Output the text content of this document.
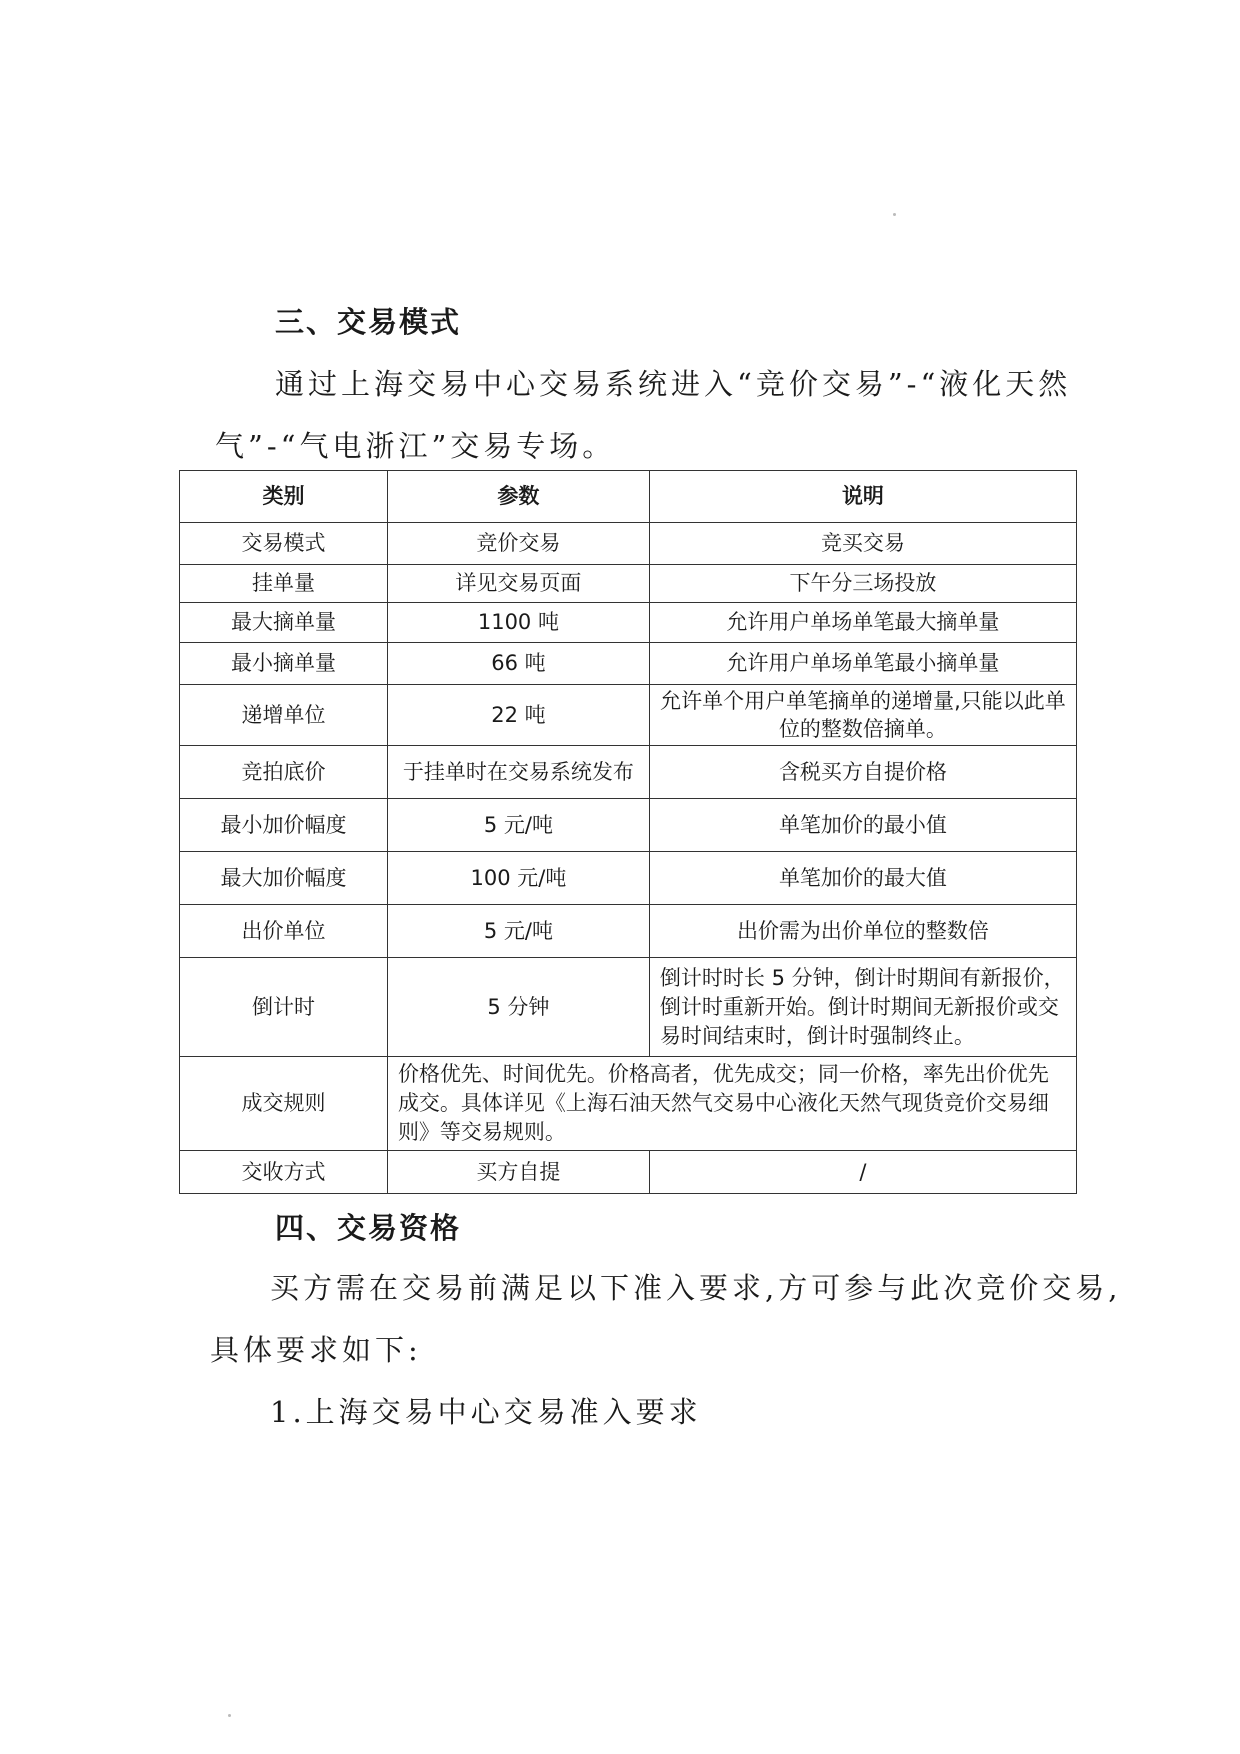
三、交易模式
通过上海交易中心交易系统进入“竞价交易”-“液化天然
气”-“气电浙江”交易专场。
类别	参数	说明
交易模式	竞价交易	竞买交易
挂单量	详见交易页面	下午分三场投放
最大摘单量	1100 吨	允许用户单场单笔最大摘单量
最小摘单量	66 吨	允许用户单场单笔最小摘单量
递增单位	22 吨	允许单个用户单笔摘单的递增量,只能以此单位的整数倍摘单。
竞拍底价	于挂单时在交易系统发布	含税买方自提价格
最小加价幅度	5 元/吨	单笔加价的最小值
最大加价幅度	100 元/吨	单笔加价的最大值
出价单位	5 元/吨	出价需为出价单位的整数倍
倒计时	5 分钟	倒计时时长 5 分钟，倒计时期间有新报价，倒计时重新开始。倒计时期间无新报价或交易时间结束时，倒计时强制终止。
成交规则	价格优先、时间优先。价格高者，优先成交；同一价格，率先出价优先成交。具体详见《上海石油天然气交易中心液化天然气现货竞价交易细则》等交易规则。	
交收方式	买方自提	/
四、交易资格
买方需在交易前满足以下准入要求,方可参与此次竞价交易,
具体要求如下:
1.上海交易中心交易准入要求
